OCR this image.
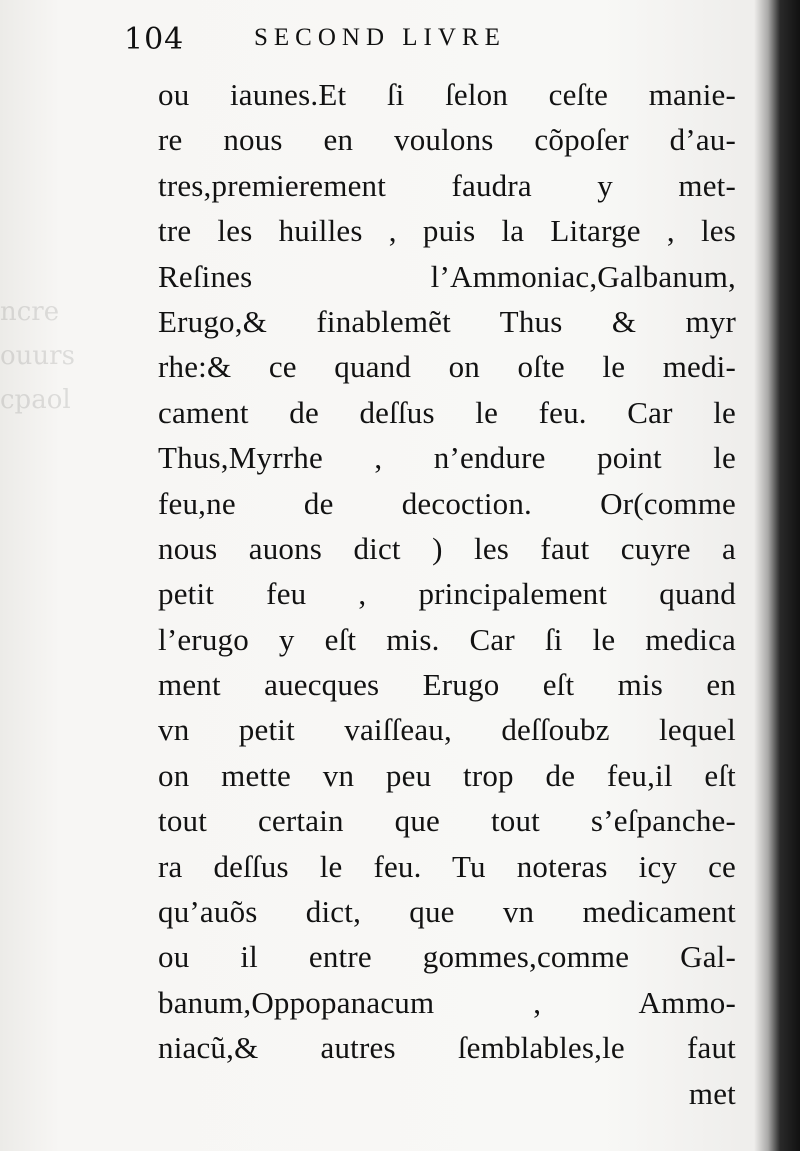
ncre
ouurs
cpaol
104	SECOND LIVRE
ou iaunes.Et ſi ſelon ceſte manie-
re nous en voulons cõpoſer d’au-
tres,premierement faudra y met-
tre les huilles , puis la Litarge , les
Reſines l’Ammoniac,Galbanum,
Erugo,& finablemẽt Thus & myr
rhe:& ce quand on oſte le medi-
cament de deſſus le feu. Car le
Thus,Myrrhe , n’endure point le
feu,ne de decoction. Or(comme
nous auons dict ) les faut cuyre a
petit feu , principalement quand
l’erugo y eſt mis. Car ſi le medica
ment auecques Erugo eſt mis en
vn petit vaiſſeau, deſſoubz lequel
on mette vn peu trop de feu,il eſt
tout certain que tout s’eſpanche-
ra deſſus le feu. Tu noteras icy ce
qu’auõs dict, que vn medicament
ou il entre gommes,comme Gal-
banum,Oppopanacum , Ammo-
niacũ,& autres ſemblables,le faut
met
